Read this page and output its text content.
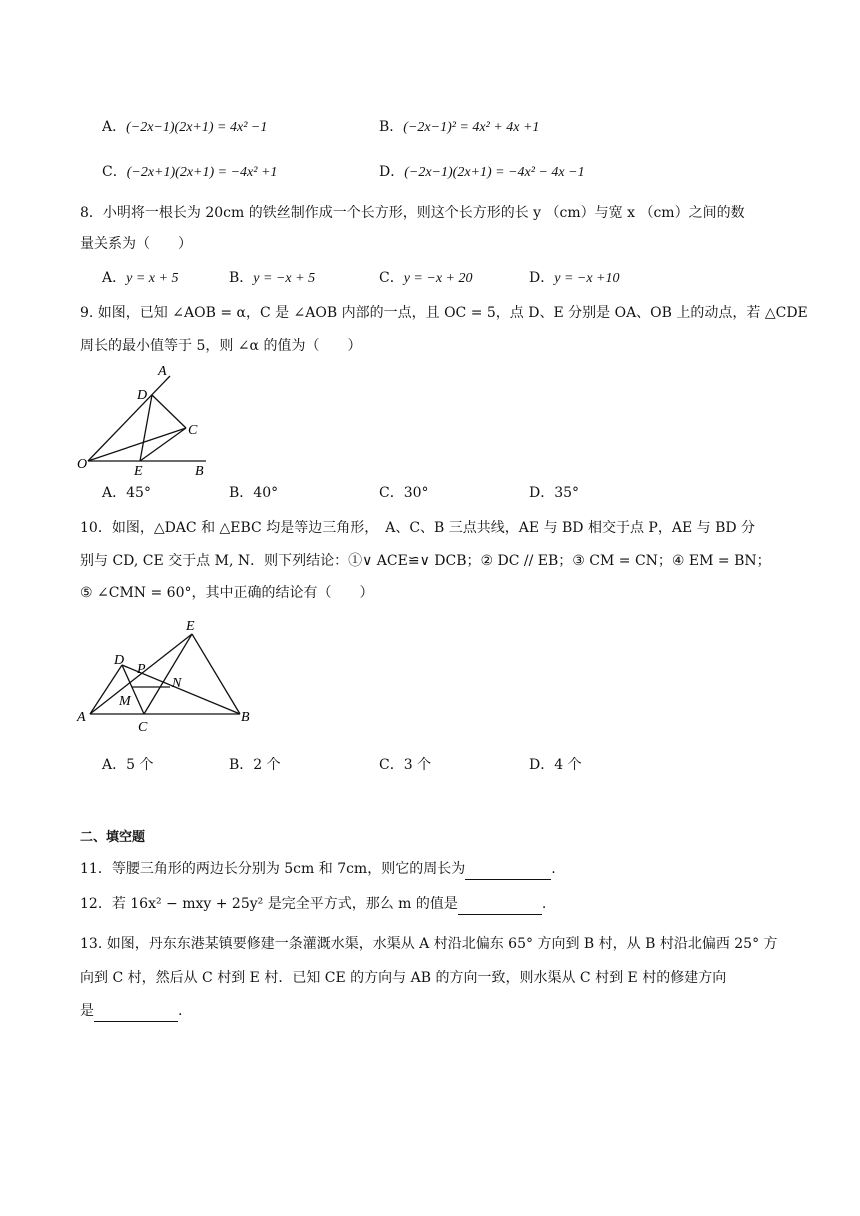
A．(−2x−1)(2x+1) = 4x² −1	B．(−2x−1)² = 4x² + 4x +1
C．(−2x+1)(2x+1) = −4x² +1	D．(−2x−1)(2x+1) = −4x² − 4x −1
8．小明将一根长为 20cm 的铁丝制作成一个长方形，则这个长方形的长 y （cm）与宽 x （cm）之间的数
量关系为（　　）
A．y = x + 5	B．y = −x + 5	C．y = −x + 20	D．y = −x +10
9. 如图，已知 ∠AOB = α，C 是 ∠AOB 内部的一点，且 OC = 5，点 D、E 分别是 OA、OB 上的动点，若 △CDE
周长的最小值等于 5，则 ∠α 的值为（　　）
A
D
C
O	E	B
A．45°	B．40°	C．30°	D．35°
10．如图，△DAC 和 △EBC 均是等边三角形，　A、C、B 三点共线，AE 与 BD 相交于点 P，AE 与 BD 分
别与 CD, CE 交于点 M, N．则下列结论：①∨ ACE≌∨ DCB；② DC // EB；③ CM = CN；④ EM = BN；
⑤ ∠CMN = 60°，其中正确的结论有（　　）
E
D
P
N
M
A
C
B
A．5 个	B．2 个	C．3 个	D．4 个
二、填空题
11．等腰三角形的两边长分别为 5cm 和 7cm，则它的周长为	.
12．若 16x² − mxy + 25y² 是完全平方式，那么 m 的值是	.
13. 如图，丹东东港某镇要修建一条灌溉水渠，水渠从 A 村沿北偏东 65° 方向到 B 村，从 B 村沿北偏西 25° 方
向到 C 村，然后从 C 村到 E 村．已知 CE 的方向与 AB 的方向一致，则水渠从 C 村到 E 村的修建方向
是	.
